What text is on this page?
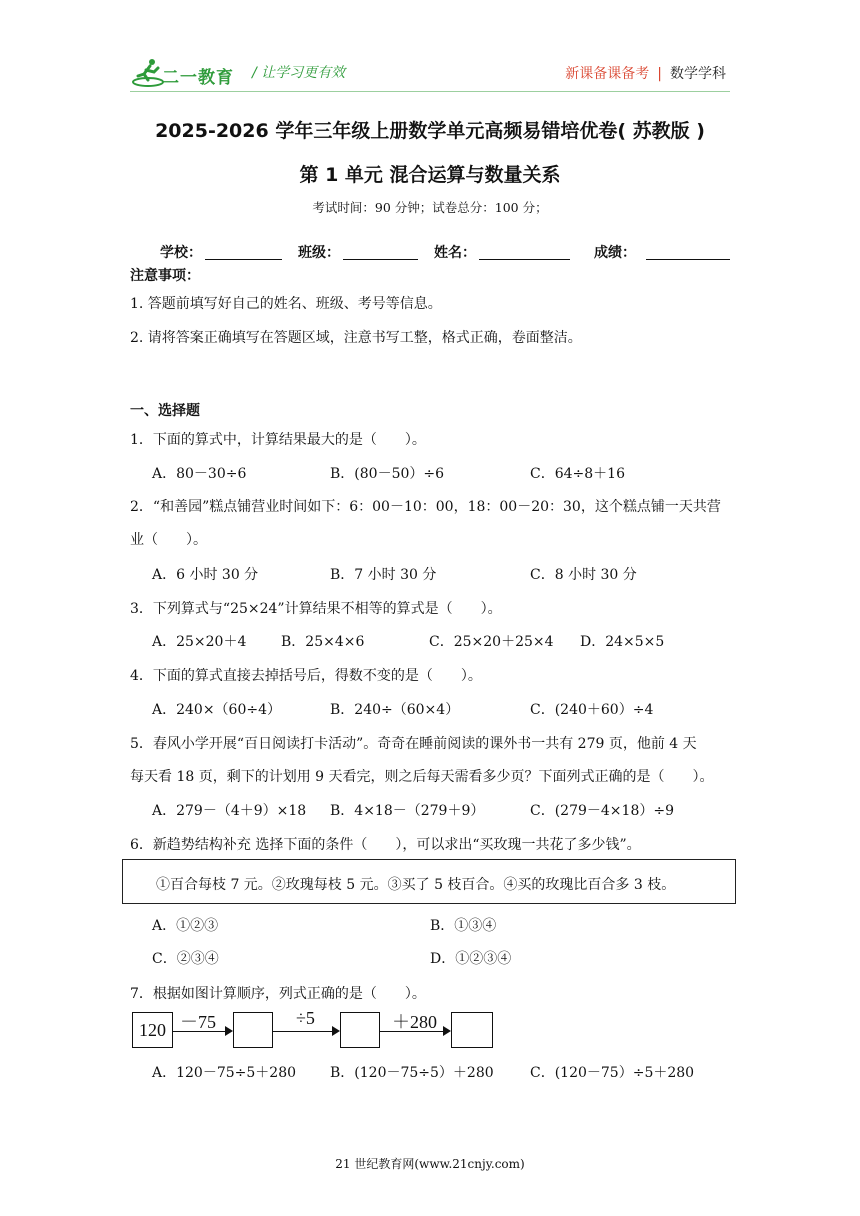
二一教育 / 让学习更有效	新课备课备考 | 数学学科
2025-2026 学年三年级上册数学单元高频易错培优卷( 苏教版 )
第 1 单元 混合运算与数量关系
考试时间：90 分钟；试卷总分：100 分；
学校：	班级：	姓名：	成绩：
注意事项：
1. 答题前填写好自己的姓名、班级、考号等信息。
2. 请将答案正确填写在答题区域，注意书写工整，格式正确，卷面整洁。
一、选择题
1．下面的算式中，计算结果最大的是（　　）。
A．80－30÷6	B．(80－50）÷6	C．64÷8＋16
2．“和善园”糕点铺营业时间如下：6：00－10：00，18：00－20：30，这个糕点铺一天共营
业（　　）。
A．6 小时 30 分	B．7 小时 30 分	C．8 小时 30 分
3．下列算式与“25×24”计算结果不相等的算式是（　　）。
A．25×20＋4 B．25×4×6	C．25×20＋25×4 D．24×5×5
4．下面的算式直接去掉括号后，得数不变的是（　　）。
A．240×（60÷4）	B．240÷（60×4）	C．(240＋60）÷4
5．春风小学开展“百日阅读打卡活动”。奇奇在睡前阅读的课外书一共有 279 页，他前 4 天
每天看 18 页，剩下的计划用 9 天看完，则之后每天需看多少页？下面列式正确的是（　　）。
A．279－（4＋9）×18 B．4×18－（279＋9）	C．(279－4×18）÷9
6．新趋势结构补充 选择下面的条件（　　），可以求出“买玫瑰一共花了多少钱”。
①百合每枝 7 元。②玫瑰每枝 5 元。③买了 5 枝百合。④买的玫瑰比百合多 3 枝。
A．①②③	B．①③④
C．②③④	D．①②③④
7．根据如图计算顺序，列式正确的是（　　）。
120 －75	÷5	＋280
A．120－75÷5＋280 B．(120－75÷5）＋280	C．(120－75）÷5＋280
21 世纪教育网(www.21cnjy.com)
